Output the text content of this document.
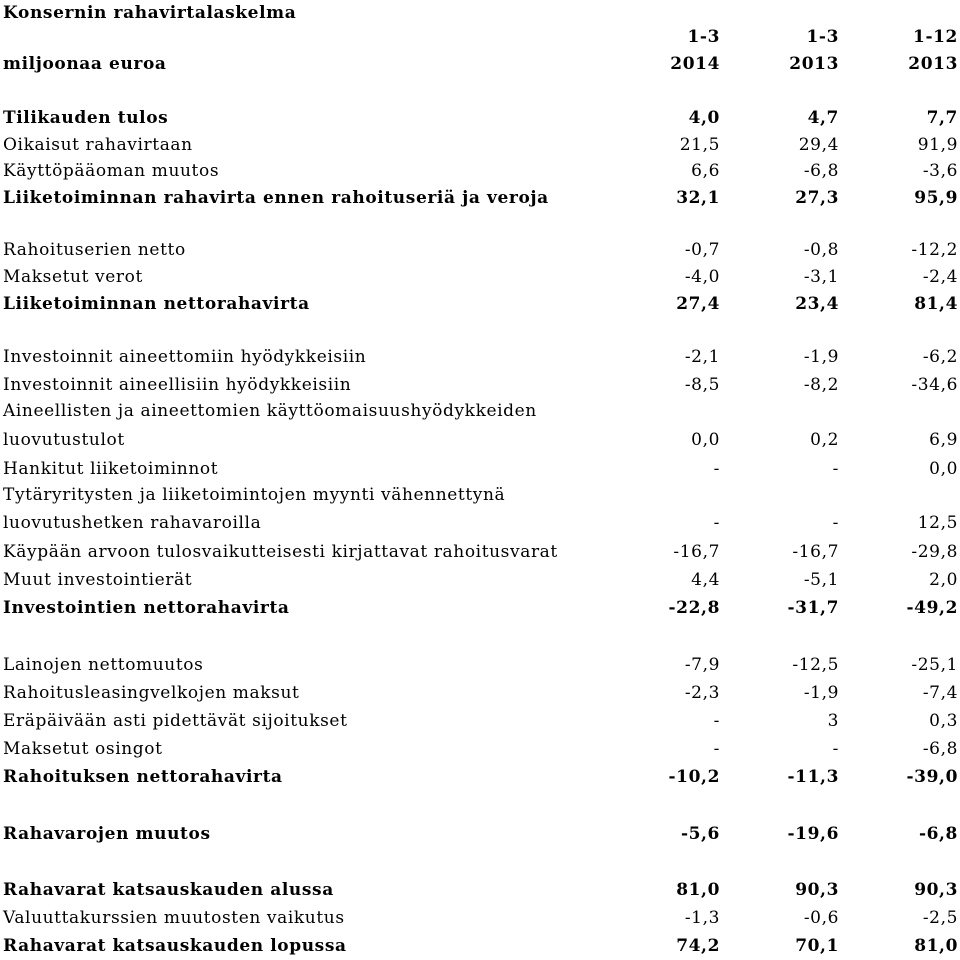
Konsernin rahavirtalaskelma
1-3	1-3	1-12
miljoonaa euroa	2014	2013	2013
Tilikauden tulos	4,0	4,7	7,7
Oikaisut rahavirtaan	21,5	29,4	91,9
Käyttöpääoman muutos	6,6	-6,8	-3,6
Liiketoiminnan rahavirta ennen rahoituseriä ja veroja	32,1	27,3	95,9
Rahoituserien netto	-0,7	-0,8	-12,2
Maksetut verot	-4,0	-3,1	-2,4
Liiketoiminnan nettorahavirta	27,4	23,4	81,4
Investoinnit aineettomiin hyödykkeisiin	-2,1	-1,9	-6,2
Investoinnit aineellisiin hyödykkeisiin	-8,5	-8,2	-34,6
Aineellisten ja aineettomien käyttöomaisuushyödykkeiden
luovutustulot	0,0	0,2	6,9
Hankitut liiketoiminnot	-	-	0,0
Tytäryritysten ja liiketoimintojen myynti vähennettynä
luovutushetken rahavaroilla	-	-	12,5
Käypään arvoon tulosvaikutteisesti kirjattavat rahoitusvarat	-16,7	-16,7	-29,8
Muut investointierät	4,4	-5,1	2,0
Investointien nettorahavirta	-22,8	-31,7	-49,2
Lainojen nettomuutos	-7,9	-12,5	-25,1
Rahoitusleasingvelkojen maksut	-2,3	-1,9	-7,4
Eräpäivään asti pidettävät sijoitukset	-	3	0,3
Maksetut osingot	-	-	-6,8
Rahoituksen nettorahavirta	-10,2	-11,3	-39,0
Rahavarojen muutos	-5,6	-19,6	-6,8
Rahavarat katsauskauden alussa	81,0	90,3	90,3
Valuuttakurssien muutosten vaikutus	-1,3	-0,6	-2,5
Rahavarat katsauskauden lopussa	74,2	70,1	81,0
